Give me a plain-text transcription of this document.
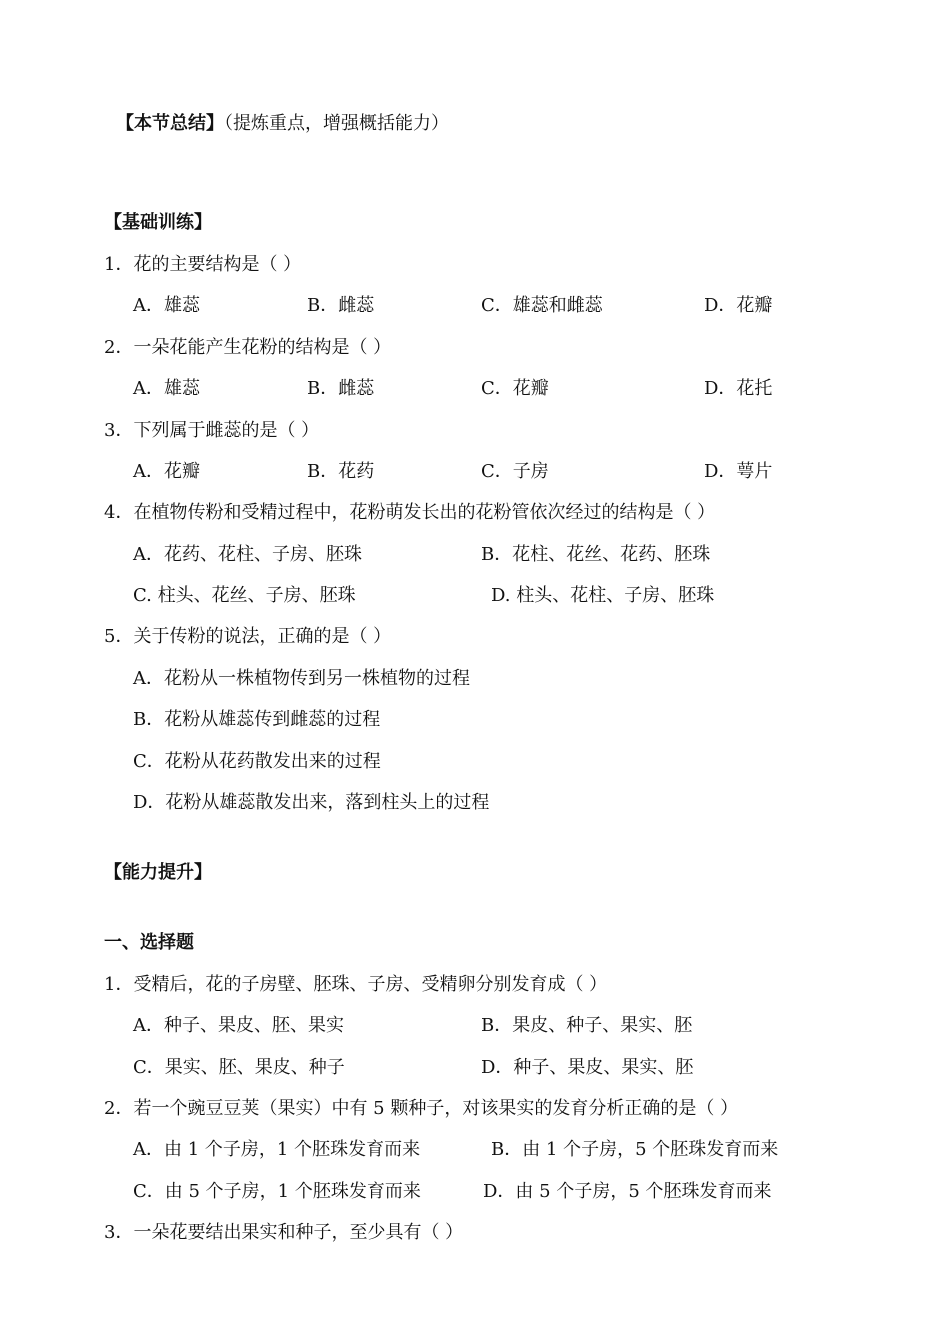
【本节总结】（提炼重点，增强概括能力）
【基础训练】
1．花的主要结构是（ ）
A．雄蕊	B．雌蕊	C．雄蕊和雌蕊	D．花瓣
2．一朵花能产生花粉的结构是（ ）
A．雄蕊	B．雌蕊	C．花瓣	D．花托
3．下列属于雌蕊的是（ ）
A．花瓣	B．花药	C．子房	D．萼片
4．在植物传粉和受精过程中，花粉萌发长出的花粉管依次经过的结构是（ ）
A．花药、花柱、子房、胚珠	B．花柱、花丝、花药、胚珠
C. 柱头、花丝、子房、胚珠	D. 柱头、花柱、子房、胚珠
5．关于传粉的说法，正确的是（ ）
A．花粉从一株植物传到另一株植物的过程
B．花粉从雄蕊传到雌蕊的过程
C．花粉从花药散发出来的过程
D．花粉从雄蕊散发出来，落到柱头上的过程
【能力提升】
一、选择题
1．受精后，花的子房壁、胚珠、子房、受精卵分别发育成（ ）
A．种子、果皮、胚、果实	B．果皮、种子、果实、胚
C．果实、胚、果皮、种子	D．种子、果皮、果实、胚
2．若一个豌豆豆荚（果实）中有 5 颗种子，对该果实的发育分析正确的是（ ）
A．由 1 个子房，1 个胚珠发育而来	B．由 1 个子房，5 个胚珠发育而来
C．由 5 个子房，1 个胚珠发育而来	D．由 5 个子房，5 个胚珠发育而来
3．一朵花要结出果实和种子，至少具有（ ）
